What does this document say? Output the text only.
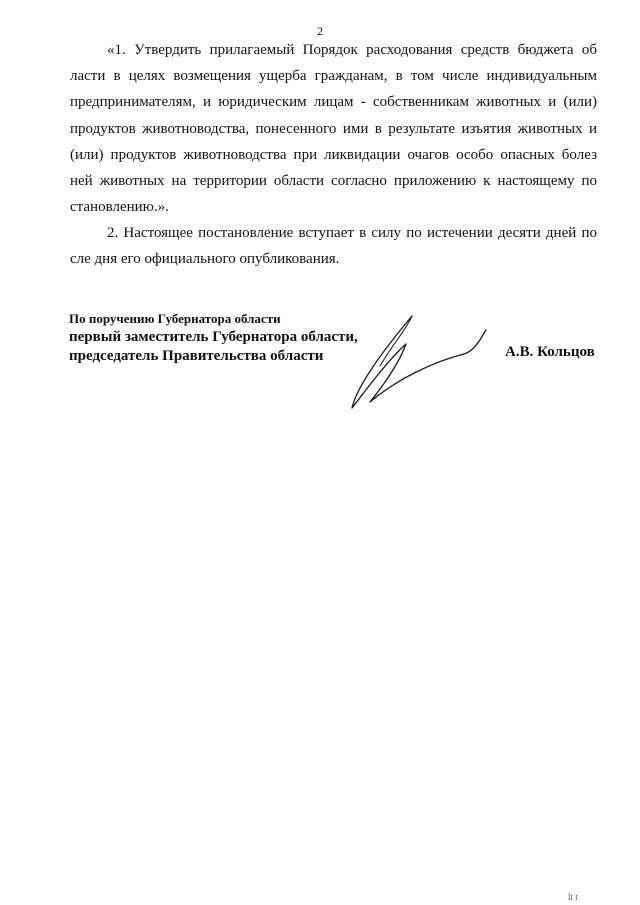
2

«1. Утвердить прилагаемый Порядок расходования средств бюджета об ласти в целях возмещения ущерба гражданам, в том числе индивидуальным предпринимателям, и юридическим лицам - собственникам животных и (или) продуктов животноводства, понесенного ими в результате изъятия животных и (или) продуктов животноводства при ликвидации очагов особо опасных болез ней животных на территории области согласно приложению к настоящему по становлению.».

2. Настоящее постановление вступает в силу по истечении десяти дней по сле дня его официального опубликования.

По поручению Губернатора области
первый заместитель Губернатора области,
председатель Правительства области	А.В. Кольцов
lt t
